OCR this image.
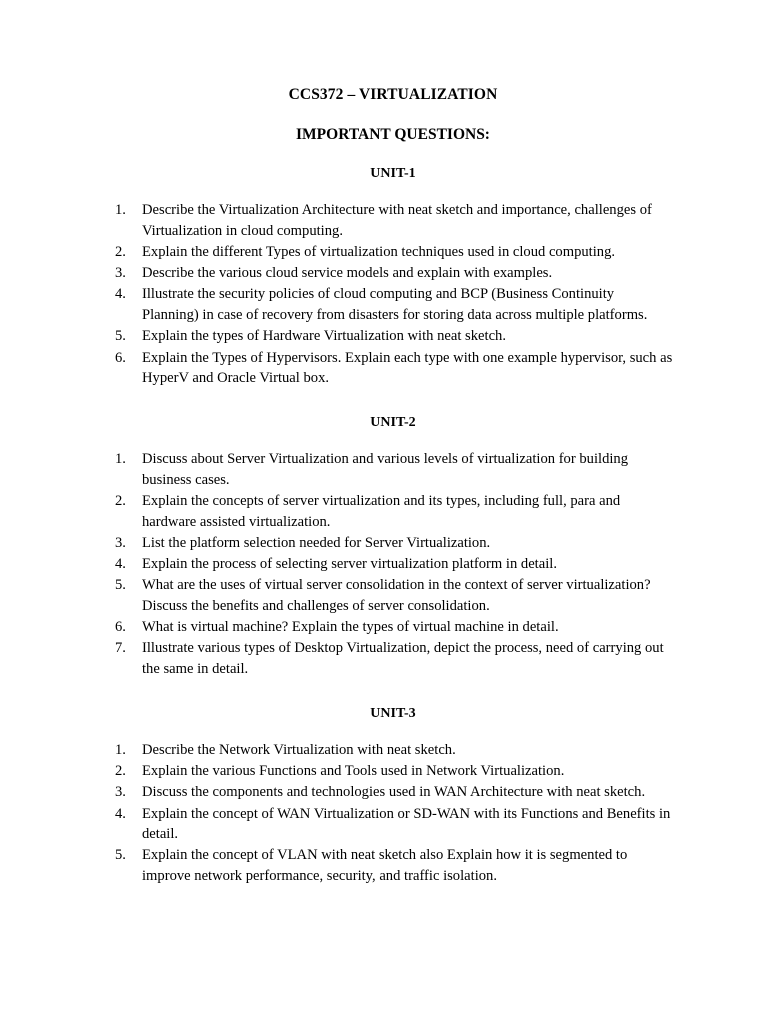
CCS372 – VIRTUALIZATION
IMPORTANT QUESTIONS:
UNIT-1
1.	Describe the Virtualization Architecture with neat sketch and importance, challenges of Virtualization in cloud computing.
2.	Explain the different Types of virtualization techniques used in cloud computing.
3.	Describe the various cloud service models and explain with examples.
4.	Illustrate the security policies of cloud computing and BCP (Business Continuity Planning) in case of recovery from disasters for storing data across multiple platforms.
5.	Explain the types of Hardware Virtualization with neat sketch.
6.	Explain the Types of Hypervisors. Explain each type with one example hypervisor, such as HyperV and Oracle Virtual box.
UNIT-2
1.	Discuss about Server Virtualization and various levels of virtualization for building business cases.
2.	Explain the concepts of server virtualization and its types, including full, para and hardware assisted virtualization.
3.	List the platform selection needed for Server Virtualization.
4.	Explain the process of selecting server virtualization platform in detail.
5.	What are the uses of virtual server consolidation in the context of server virtualization? Discuss the benefits and challenges of server consolidation.
6.	What is virtual machine? Explain the types of virtual machine in detail.
7.	Illustrate various types of Desktop Virtualization, depict the process, need of carrying out the same in detail.
UNIT-3
1.	Describe the Network Virtualization with neat sketch.
2.	Explain the various Functions and Tools used in Network Virtualization.
3.	Discuss the components and technologies used in WAN Architecture with neat sketch.
4.	Explain the concept of WAN Virtualization or SD-WAN with its Functions and Benefits in detail.
5.	Explain the concept of VLAN with neat sketch also Explain how it is segmented to improve network performance, security, and traffic isolation.
